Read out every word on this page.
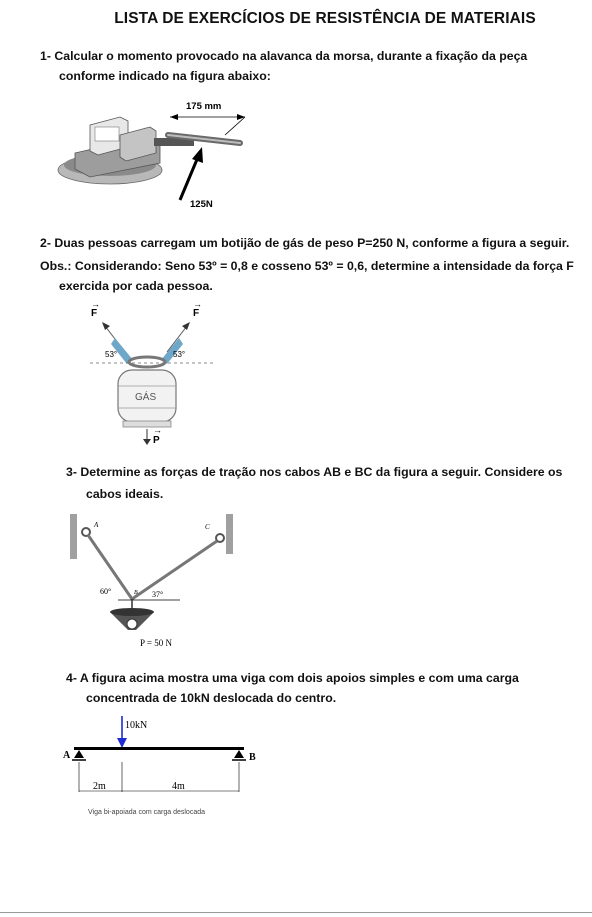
LISTA DE EXERCÍCIOS DE RESISTÊNCIA DE MATERIAIS
1- Calcular o momento provocado na alavanca da morsa, durante a fixação da peça
conforme indicado na figura abaixo:
175 mm
125N
2- Duas pessoas carregam um botijão de gás de peso P=250 N, conforme a figura a seguir.
Obs.: Considerando: Seno 53º = 0,8 e cosseno 53º = 0,6, determine a intensidade da força F
exercida por cada pessoa.
F
→
F
→
53°	53°
GÁS
P
→
3- Determine as forças de tração nos cabos AB e BC da figura a seguir. Considere os
cabos ideais.
A	C
B
60°	37°
P = 50 N
4- A figura acima mostra uma viga com dois apoios simples e com uma carga
concentrada de 10kN deslocada do centro.
10kN
A	B
2m	4m
Viga bi-apoiada com carga deslocada
